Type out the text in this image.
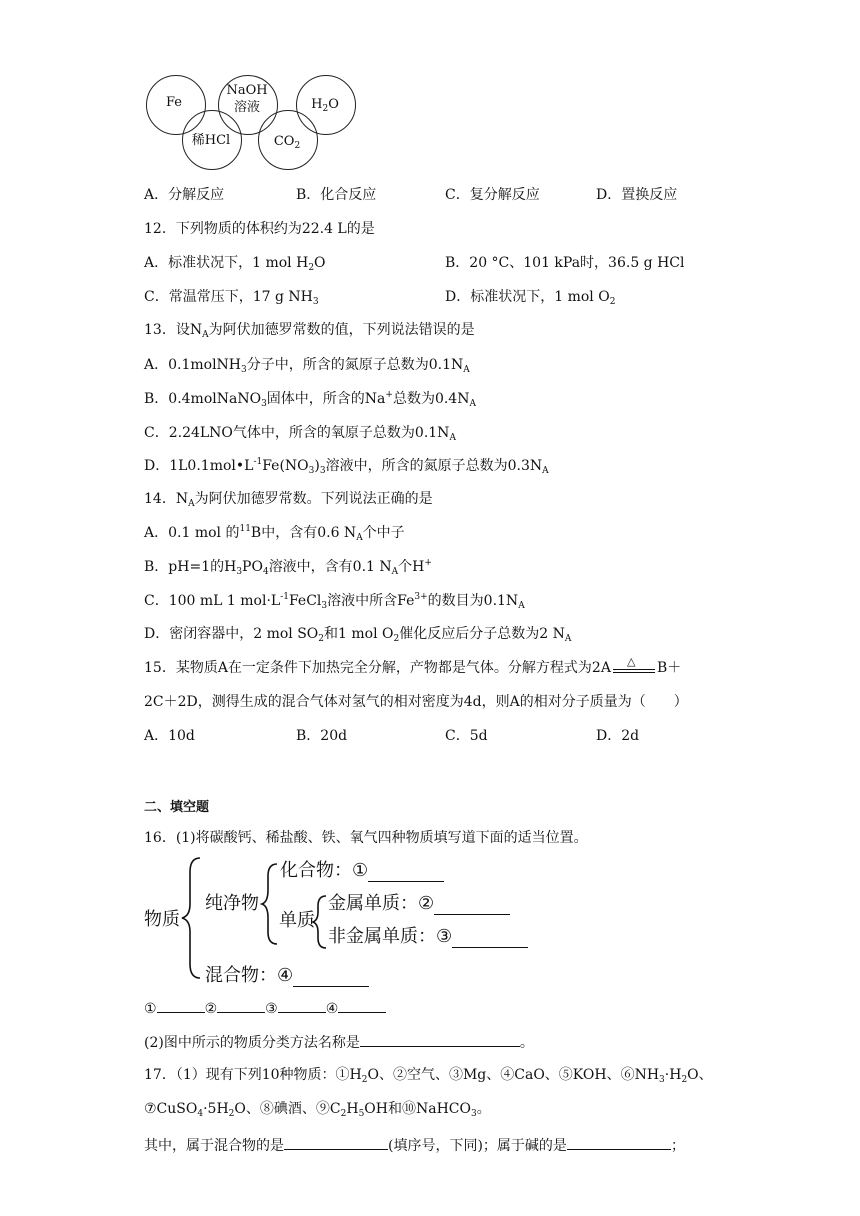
Fe
NaOH
溶液	$H_2O$
稀HCl	$CO_2$
A．分解反应	B．化合反应	C．复分解反应	D．置换反应
12．下列物质的体积约为22.4 L的是
A．标准状况下，1 mol $H_2O$	B．20 °C、101 kPa时，36.5 g HCl
C．常温常压下，17 g $NH_3$	D．标准状况下，1 mol $O_2$
13．设$N_A$为阿伏加德罗常数的值，下列说法错误的是
A．0.1molNH$_3$分子中，所含的氮原子总数为$0.1N_A$
B．0.4molNaNO$_3$固体中，所含的Na+总数为$0.4N_A$
C．2.24LNO气体中，所含的氧原子总数为$0.1N_A$
D．$1L0.1mol•L^{-1}Fe(NO_3)_3$溶液中，所含的氮原子总数为$0.3N_A$
14．$N_A$为阿伏加德罗常数。下列说法正确的是
A．0.1 mol 的$^{11}$B中，含有0.6 $N_A$个中子
B．pH=1的$H_3PO_4$溶液中，含有0.1 $N_A$个H+
C．100 mL 1 $mol\cdot L^{-1}FeCl_3$溶液中所含$Fe^{3+}$的数目为$0.1N_A$
D．密闭容器中，2 mol $SO_2$和1 mol $O_2$催化反应后分子总数为2 $N_A$
15．某物质A在一定条件下加热完全分解，产物都是气体。分解方程式为2A △ B＋
2C＋2D，测得生成的混合气体对氢气的相对密度为4d，则A的相对分子质量为（　　）
A．10d	B．20d	C．5d	D．2d
二、填空题
16．(1)将碳酸钙、稀盐酸、铁、氧气四种物质填写道下面的适当位置。
物质
纯净物
化合物：①
单质
金属单质：②
非金属单质：③
混合物：④
①	②	③	④
(2)图中所示的物质分类方法名称是	。
17．（1）现有下列10种物质：$①H_2O$、②空气、③Mg、④CaO、⑤KOH、$⑥NH_3\cdot H_2O$、
$⑦CuSO_4\cdot 5H_2O$、⑧碘酒、$⑨C_2H_5OH$和⑩NaHCO$_3$。
其中，属于混合物的是	(填序号，下同)；属于碱的是	；
